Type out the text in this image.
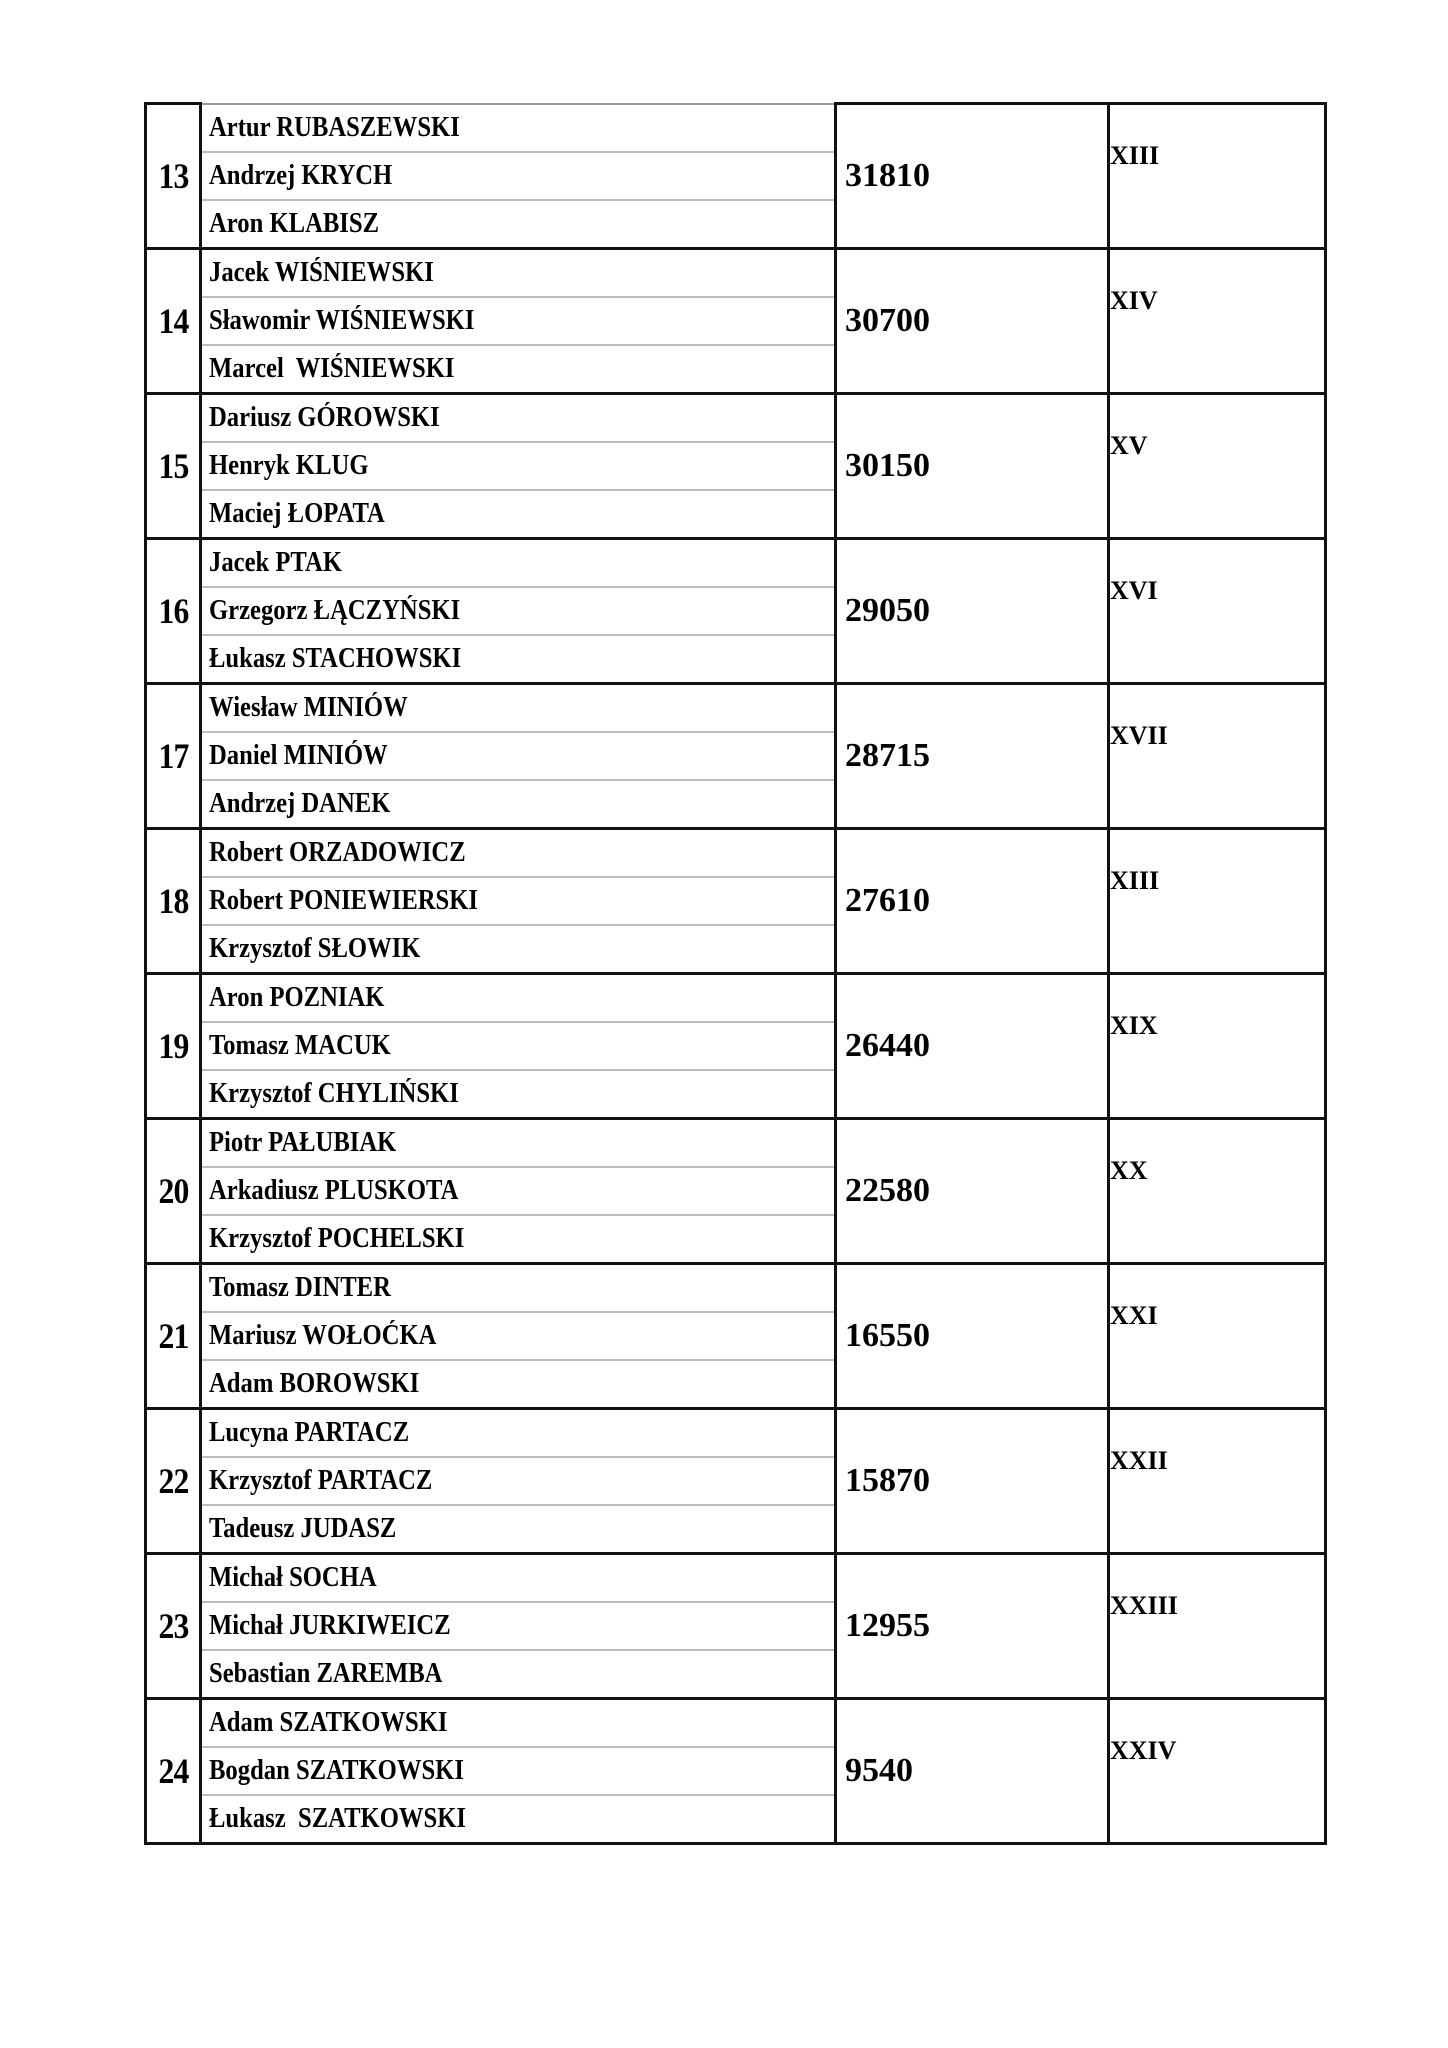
13	Artur RUBASZEWSKI
Andrzej KRYCH
Aron KLABISZ	31810	XIII
14	Jacek WIŚNIEWSKI
Sławomir WIŚNIEWSKI
Marcel  WIŚNIEWSKI	30700	XIV
15	Dariusz GÓROWSKI
Henryk KLUG
Maciej ŁOPATA	30150	XV
16	Jacek PTAK
Grzegorz ŁĄCZYŃSKI
Łukasz STACHOWSKI	29050	XVI
17	Wiesław MINIÓW
Daniel MINIÓW
Andrzej DANEK	28715	XVII
18	Robert ORZADOWICZ
Robert PONIEWIERSKI
Krzysztof SŁOWIK	27610	XIII
19	Aron POZNIAK
Tomasz MACUK
Krzysztof CHYLIŃSKI	26440	XIX
20	Piotr PAŁUBIAK
Arkadiusz PLUSKOTA
Krzysztof POCHELSKI	22580	XX
21	Tomasz DINTER
Mariusz WOŁOĆKA
Adam BOROWSKI	16550	XXI
22	Lucyna PARTACZ
Krzysztof PARTACZ
Tadeusz JUDASZ	15870	XXII
23	Michał SOCHA
Michał JURKIWEICZ
Sebastian ZAREMBA	12955	XXIII
24	Adam SZATKOWSKI
Bogdan SZATKOWSKI
Łukasz  SZATKOWSKI	9540	XXIV
